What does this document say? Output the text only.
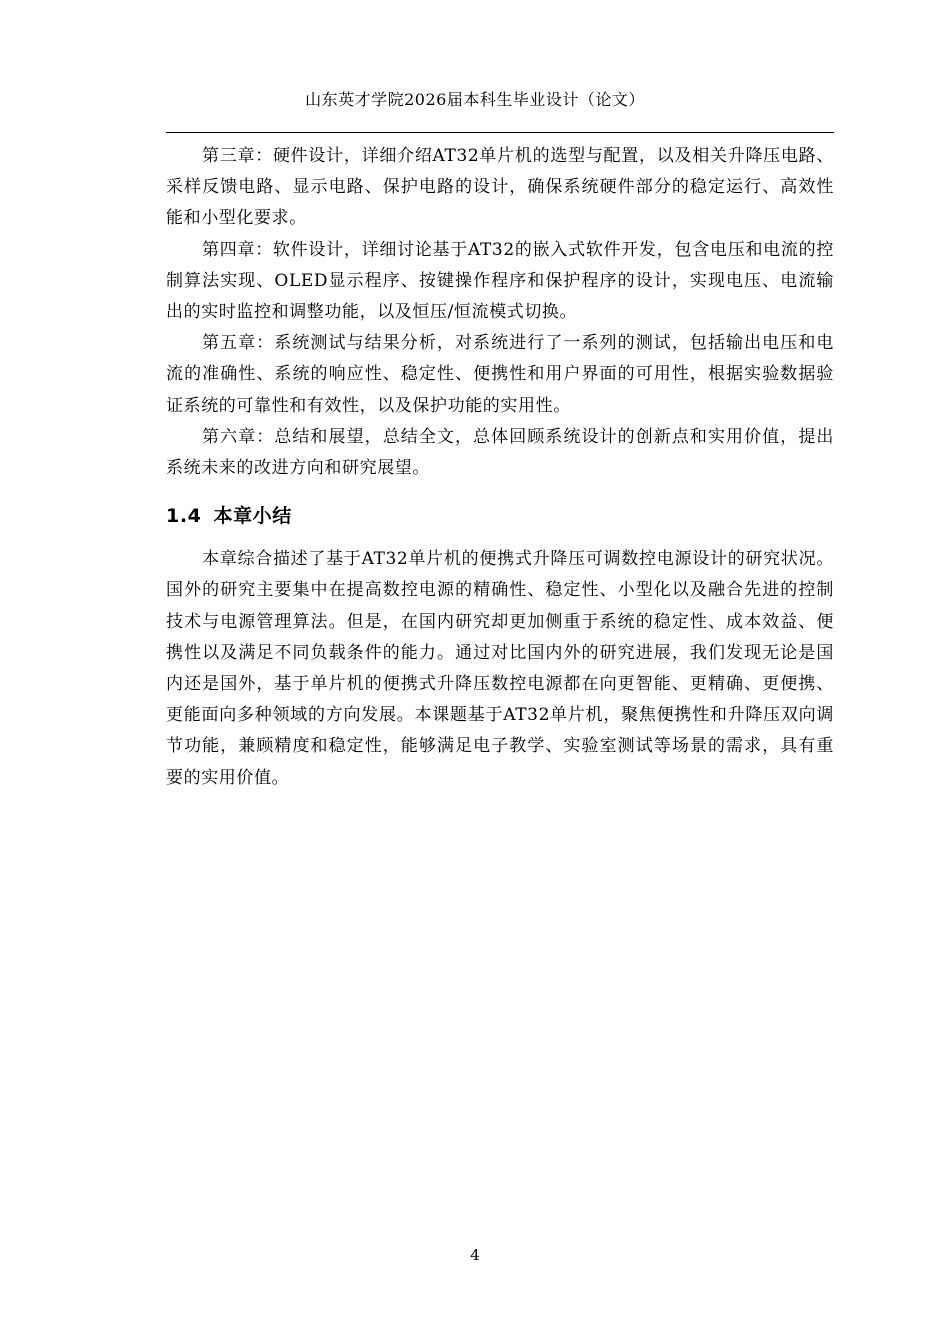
山东英才学院2026届本科生毕业设计（论文）

第三章：硬件设计，详细介绍AT32单片机的选型与配置，以及相关升降压电路、采样反馈电路、显示电路、保护电路的设计，确保系统硬件部分的稳定运行、高效性能和小型化要求。

第四章：软件设计，详细讨论基于AT32的嵌入式软件开发，包含电压和电流的控制算法实现、OLED显示程序、按键操作程序和保护程序的设计，实现电压、电流输出的实时监控和调整功能，以及恒压/恒流模式切换。

第五章：系统测试与结果分析，对系统进行了一系列的测试，包括输出电压和电流的准确性、系统的响应性、稳定性、便携性和用户界面的可用性，根据实验数据验证系统的可靠性和有效性，以及保护功能的实用性。

第六章：总结和展望，总结全文，总体回顾系统设计的创新点和实用价值，提出系统未来的改进方向和研究展望。

1.4 本章小结

本章综合描述了基于AT32单片机的便携式升降压可调数控电源设计的研究状况。国外的研究主要集中在提高数控电源的精确性、稳定性、小型化以及融合先进的控制技术与电源管理算法。但是，在国内研究却更加侧重于系统的稳定性、成本效益、便携性以及满足不同负载条件的能力。通过对比国内外的研究进展，我们发现无论是国内还是国外，基于单片机的便携式升降压数控电源都在向更智能、更精确、更便携、更能面向多种领域的方向发展。本课题基于AT32单片机，聚焦便携性和升降压双向调节功能，兼顾精度和稳定性，能够满足电子教学、实验室测试等场景的需求，具有重要的实用价值。

4
